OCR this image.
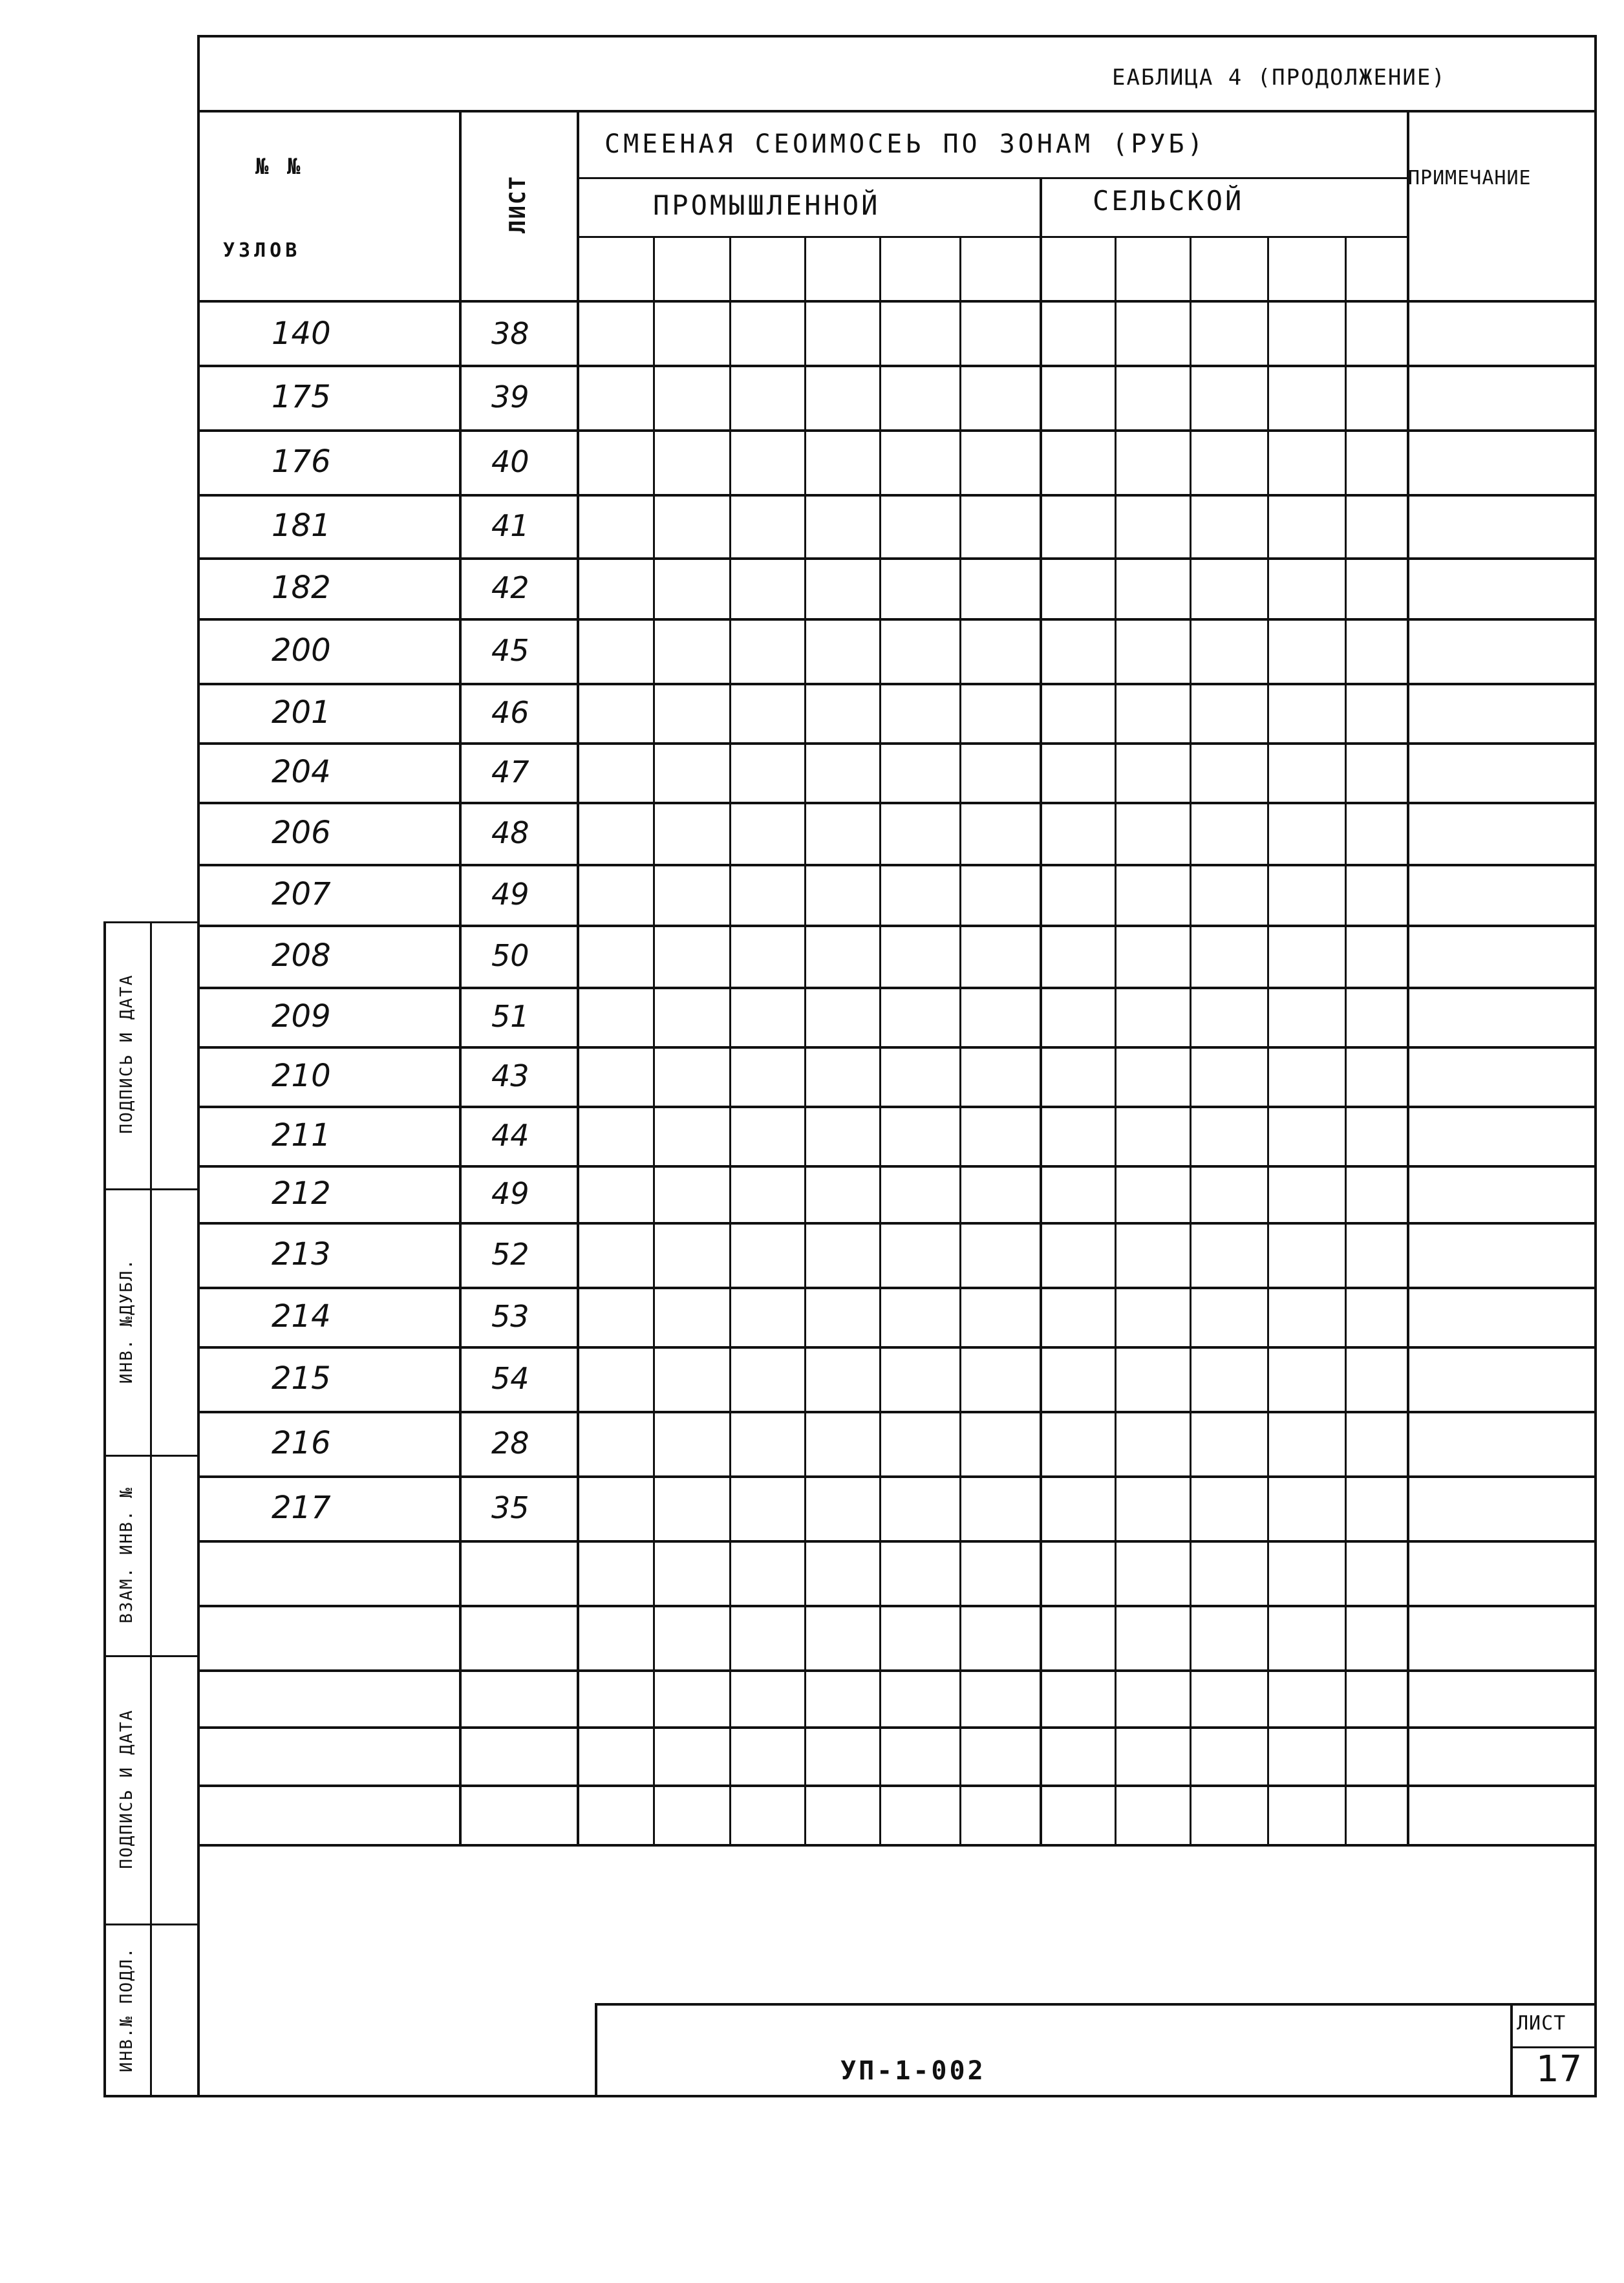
ЕАБЛИЦА 4 (ПРОДОЛЖЕНИЕ)
№ №
УЗЛОВ
ЛИСТ
СМЕЕНАЯ СЕОИМОСЕЬ ПО ЗОНАМ (РУБ)
ПРОМЫШЛЕННОЙ	СЕЛЬСКОЙ
ПРИМЕЧАНИЕ
140	38
175	39
176	40
181	41
182	42
200	45
201	46
204	47
206	48
207	49
208	50
209	51
210	43
211	44
212	49
213	52
214	53
215	54
216	28
217	35
ПОДПИСЬ И ДАТА
ИНВ. №ДУБЛ.
ВЗАМ. ИНВ. №
ПОДПИСЬ И ДАТА
ИНВ.№ ПОДЛ.	УП-1-002
ЛИСТ
17
